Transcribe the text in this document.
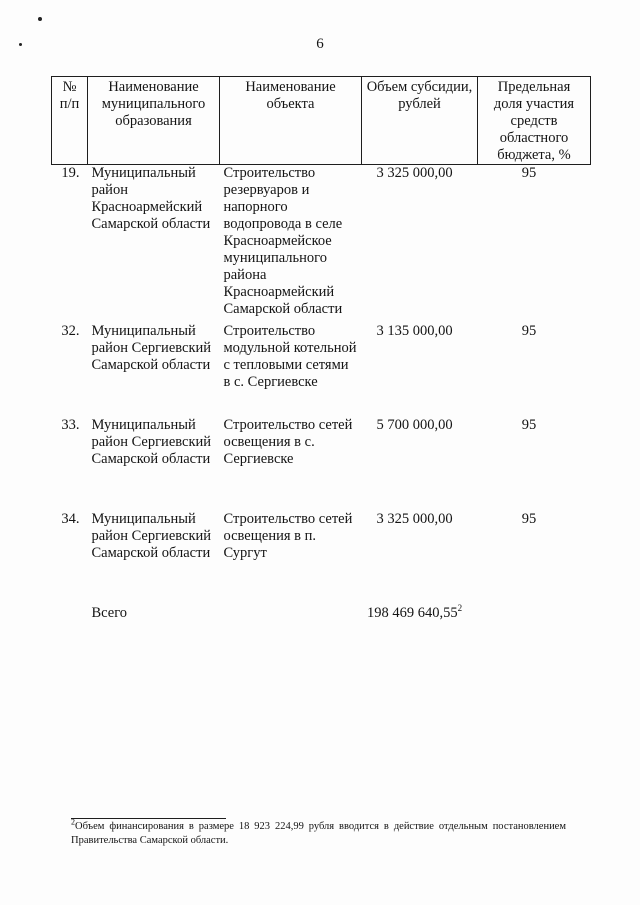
6
№ п/п	Наименование муниципального образования	Наименование объекта	Объем субсидии, рублей	Предельная доля участия средств областного бюджета, %
19.	Муниципальный район Красноармейский Самарской области	Строительство резервуаров и напорного водопровода в селе Красноармейское муниципального района Красноармейский Самарской области	3 325 000,00	95
32.	Муниципальный район Сергиевский Самарской области	Строительство модульной котельной с тепловыми сетями в с. Сергиевске	3 135 000,00	95
33.	Муниципальный район Сергиевский Самарской области	Строительство сетей освещения в с. Сергиевске	5 700 000,00	95
34.	Муниципальный район Сергиевский Самарской области	Строительство сетей освещения в п. Сургут	3 325 000,00	95
	Всего		198 469 640,55$^2$	
$^2$Объем финансирования в размере 18 923 224,99 рубля вводится в действие отдельным постановлением Правительства Самарской области.
